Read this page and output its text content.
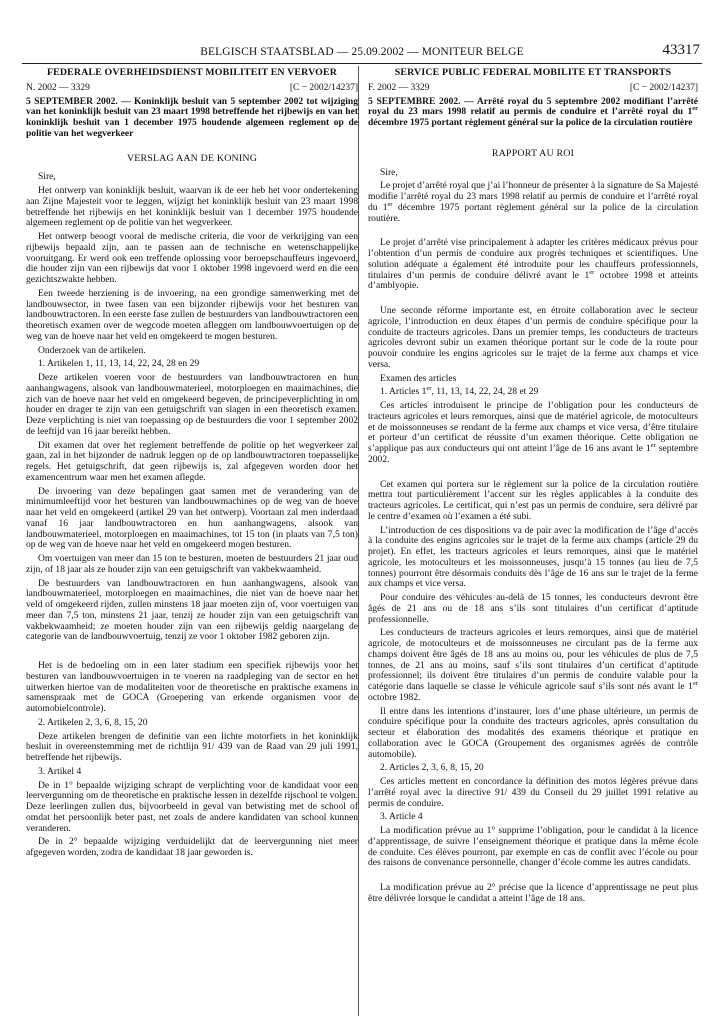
BELGISCH STAATSBLAD — 25.09.2002 — MONITEUR BELGE	43317
FEDERALE OVERHEIDSDIENST MOBILITEIT EN VERVOER
N. 2002 — 3329	[C − 2002/14237]
5 SEPTEMBER 2002. — Koninklijk besluit van 5 september 2002 tot wijziging van het koninklijk besluit van 23 maart 1998 betreffende het rijbewijs en van het koninklijk besluit van 1 december 1975 houdende algemeen reglement op de politie van het wegverkeer
VERSLAG AAN DE KONING

Sire,

Het ontwerp van koninklijk besluit, waarvan ik de eer heb het voor ondertekening aan Zijne Majesteit voor te leggen, wijzigt het koninklijk besluit van 23 maart 1998 betreffende het rijbewijs en het koninklijk besluit van 1 december 1975 houdende algemeen reglement op de politie van het wegverkeer.

Het ontwerp beoogt vooral de medische criteria, die voor de verkrijging van een rijbewijs bepaald zijn, aan te passen aan de technische en wetenschappelijke vooruitgang. Er werd ook een treffende oplossing voor beroepschauffeurs ingevoerd, die houder zijn van een rijbewijs dat voor 1 oktober 1998 ingevoerd werd en die een gezichtszwakte hebben.

Een tweede herziening is de invoering, na een grondige samenwerking met de landbouwsector, in twee fasen van een bijzonder rijbewijs voor het besturen van landbouwtractoren. In een eerste fase zullen de bestuurders van landbouwtractoren een theoretisch examen over de wegcode moeten afleggen om landbouwvoertuigen op de weg van de hoeve naar het veld en omgekeerd te mogen besturen.

Onderzoek van de artikelen.

1. Artikelen 1, 11, 13, 14, 22, 24, 28 en 29

Deze artikelen voeren voor de bestuurders van landbouwtractoren en hun aanhangwagens, alsook van landbouwmaterieel, motorploegen en maaimachines, die zich van de hoeve naar het veld en omgekeerd begeven, de principeverplichting in om houder en drager te zijn van een getuigschrift van slagen in een theoretisch examen. Deze verplichting is niet van toepassing op de bestuurders die voor 1 september 2002 de leeftijd van 16 jaar bereikt hebben.

Dit examen dat over het reglement betreffende de politie op het wegverkeer zal gaan, zal in het bijzonder de nadruk leggen op de op landbouwtractoren toepasselijke regels. Het getuigschrift, dat geen rijbewijs is, zal afgegeven worden door het examencentrum waar men het examen aflegde.

De invoering van deze bepalingen gaat samen met de verandering van de minimumleeftijd voor het besturen van landbouwmachines op de weg van de hoeve naar het veld en omgekeerd (artikel 29 van het ontwerp). Voortaan zal men inderdaad vanaf 16 jaar landbouwtractoren en hun aanhangwagens, alsook van landbouwmaterieel, motorploegen en maaimachines, tot 15 ton (in plaats van 7,5 ton) op de weg van de hoeve naar het veld en omgekeerd mogen besturen.

Om voertuigen van meer dan 15 ton te besturen, moeten de bestuurders 21 jaar oud zijn, of 18 jaar als ze houder zijn van een getuigschrift van vakbekwaamheid.

De bestuurders van landbouwtractoren en hun aanhangwagens, alsook van landbouwmaterieel, motorploegen en maaimachines, die niet van de hoeve naar het veld of omgekeerd rijden, zullen minstens 18 jaar moeten zijn of, voor voertuigen van meer dan 7,5 ton, minstens 21 jaar, tenzij ze houder zijn van een getuigschrift van vakbekwaamheid; ze moeten houder zijn van een rijbewijs geldig naargelang de categorie van de landbouwvoertuig, tenzij ze voor 1 oktober 1982 geboren zijn.

Het is de bedoeling om in een later stadium een specifiek rijbewijs voor het besturen van landbouwvoertuigen in te voeren na raadpleging van de sector en het uitwerken hiertoe van de modaliteiten voor de theoretische en praktische examens in samenspraak met de GOCA (Groepering van erkende organismen voor de automobielcontrole).

2. Artikelen 2, 3, 6, 8, 15, 20

Deze artikelen brengen de definitie van een lichte motorfiets in het koninklijk besluit in overeenstemming met de richtlijn 91/ 439 van de Raad van 29 juli 1991, betreffende het rijbewijs.

3. Artikel 4

De in 1° bepaalde wijziging schrapt de verplichting voor de kandidaat voor een leervergunning om de theoretische en praktische lessen in dezelfde rijschool te volgen. Deze leerlingen zullen dus, bijvoorbeeld in geval van betwisting met de school of omdat het persoonlijk beter past, net zoals de andere kandidaten van school kunnen veranderen.

De in 2° bepaalde wijziging verduidelijkt dat de leervergunning niet meer afgegeven worden, zodra de kandidaat 18 jaar geworden is.

SERVICE PUBLIC FEDERAL MOBILITE ET TRANSPORTS
F. 2002 — 3329	[C − 2002/14237]
5 SEPTEMBRE 2002. — Arrêté royal du 5 septembre 2002 modifiant l’arrêté royal du 23 mars 1998 relatif au permis de conduire et l’arrêté royal du 1er décembre 1975 portant règlement général sur la police de la circulation routière
RAPPORT AU ROI

Sire,

Le projet d’arrêté royal que j’ai l’honneur de présenter à la signature de Sa Majesté modifie l’arrêté royal du 23 mars 1998 relatif au permis de conduire et l’arrêté royal du 1er décembre 1975 portant règlement général sur la police de la circulation routière.

Le projet d’arrêté vise principalement à adapter les critères médicaux prévus pour l’obtention d’un permis de conduire aux progrès techniques et scientifiques. Une solution adéquate a également été introduite pour les chauffeurs professionnels, titulaires d’un permis de conduire délivré avant le 1er octobre 1998 et atteints d’amblyopie.

Une seconde réforme importante est, en étroite collaboration avec le secteur agricole, l’introduction en deux étapes d’un permis de conduire spécifique pour la conduite de tracteurs agricoles. Dans un premier temps, les conducteurs de tracteurs agricoles devront subir un examen théorique portant sur le code de la route pour pouvoir conduire les engins agricoles sur le trajet de la ferme aux champs et vice versa.

Examen des articles

1. Articles 1er, 11, 13, 14, 22, 24, 28 et 29

Ces articles introduisent le principe de l’obligation pour les conducteurs de tracteurs agricoles et leurs remorques, ainsi que de matériel agricole, de motoculteurs et de moissonneuses se rendant de la ferme aux champs et vice versa, d’être titulaire et porteur d’un certificat de réussite d’un examen théorique. Cette obligation ne s’applique pas aux conducteurs qui ont atteint l’âge de 16 ans avant le 1er septembre 2002.

Cet examen qui portera sur le règlement sur la police de la circulation routière mettra tout particulièrement l’accent sur les règles applicables à la conduite des tracteurs agricoles. Le certificat, qui n’est pas un permis de conduire, sera délivré par le centre d’examen où l’examen a été subi.

L’introduction de ces dispositions va de pair avec la modification de l’âge d’accès à la conduite des engins agricoles sur le trajet de la ferme aux champs (article 29 du projet). En effet, les tracteurs agricoles et leurs remorques, ainsi que le matériel agricole, les motoculteurs et les moissonneuses, jusqu’à 15 tonnes (au lieu de 7,5 tonnes) pourront être désormais conduits dès l’âge de 16 ans sur le trajet de la ferme aux champs et vice versa.

Pour conduire des véhicules au-delà de 15 tonnes, les conducteurs devront être âgés de 21 ans ou de 18 ans s’ils sont titulaires d’un certificat d’aptitude professionnelle.

Les conducteurs de tracteurs agricoles et leurs remorques, ainsi que de matériel agricole, de motoculteurs et de moissonneuses ne circulant pas de la ferme aux champs doivent être âgés de 18 ans au moins ou, pour les véhicules de plus de 7,5 tonnes, de 21 ans au moins, sauf s’ils sont titulaires d’un certificat d’aptitude professionnel; ils doivent être titulaires d’un permis de conduire valable pour la catégorie dans laquelle se classe le véhicule agricole sauf s’ils sont nés avant le 1er octobre 1982.

Il entre dans les intentions d’instaurer, lors d’une phase ultérieure, un permis de conduire spécifique pour la conduite des tracteurs agricoles, après consultation du secteur et élaboration des modalités des examens théorique et pratique en collaboration avec le GOCA (Groupement des organismes agréés de contrôle automobile).

2. Articles 2, 3, 6, 8, 15, 20

Ces articles mettent en concordance la définition des motos légères prévue dans l’arrêté royal avec la directive 91/ 439 du Conseil du 29 juillet 1991 relative au permis de conduire.

3. Article 4

La modification prévue au 1° supprime l’obligation, pour le candidat à la licence d’apprentissage, de suivre l’enseignement théorique et pratique dans la même école de conduite. Ces élèves pourront, par exemple en cas de conflit avec l’école ou pour des raisons de convenance personnelle, changer d’école comme les autres candidats.

La modification prévue au 2° précise que la licence d’apprentissage ne peut plus être délivrée lorsque le candidat a atteint l’âge de 18 ans.
